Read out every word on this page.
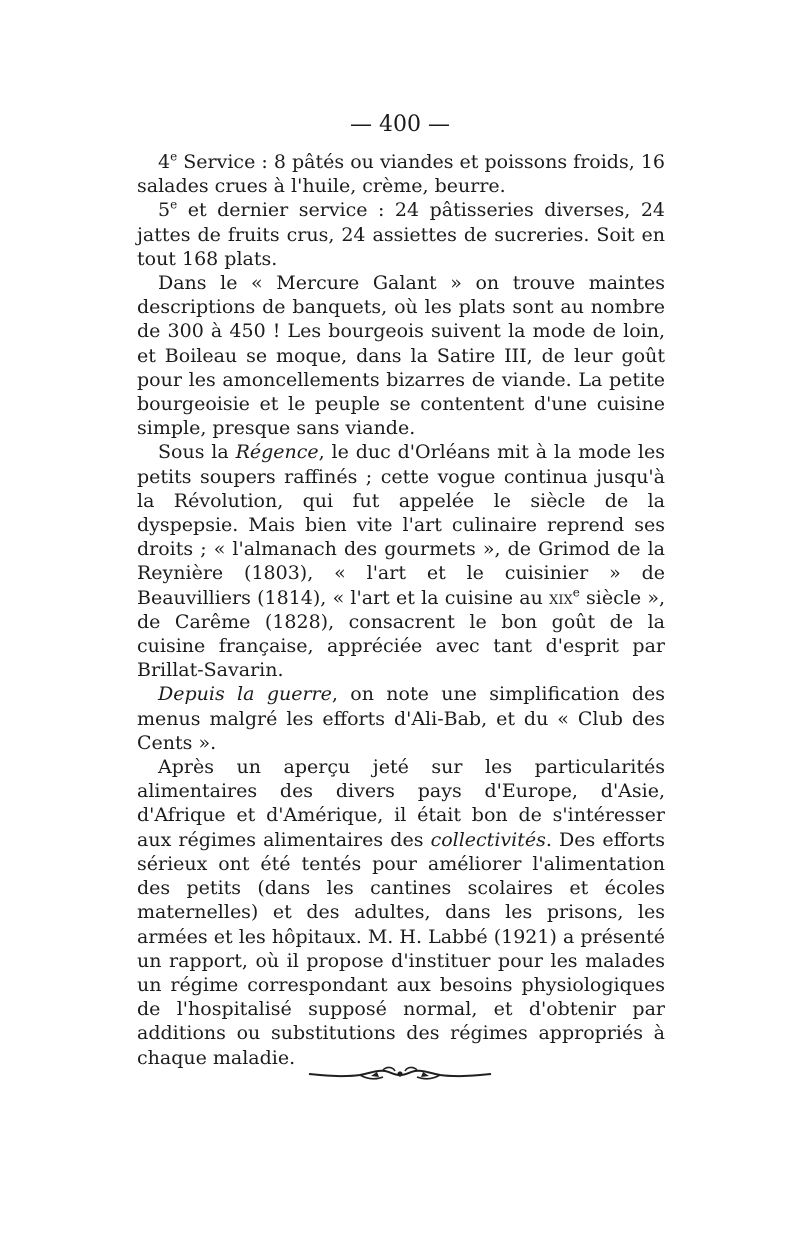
— 400 —

4e Service : 8 pâtés ou viandes et poissons froids, 16 salades crues à l'huile, crème, beurre.

5e et dernier service : 24 pâtisseries diverses, 24 jattes de fruits crus, 24 assiettes de sucreries. Soit en tout 168 plats.

Dans le « Mercure Galant » on trouve maintes descriptions de banquets, où les plats sont au nombre de 300 à 450 ! Les bourgeois suivent la mode de loin, et Boileau se moque, dans la Satire III, de leur goût pour les amoncellements bizarres de viande. La petite bourgeoisie et le peuple se contentent d'une cuisine simple, presque sans viande.

Sous la Régence, le duc d'Orléans mit à la mode les petits soupers raffinés ; cette vogue continua jusqu'à la Révolution, qui fut appelée le siècle de la dyspepsie. Mais bien vite l'art culinaire reprend ses droits ; « l'almanach des gourmets », de Grimod de la Reynière (1803), « l'art et le cuisinier » de Beauvilliers (1814), « l'art et la cuisine au xix$^e$ siècle », de Carême (1828), consacrent le bon goût de la cuisine française, appréciée avec tant d'esprit par Brillat-Savarin.

Depuis la guerre, on note une simplification des menus malgré les efforts d'Ali-Bab, et du « Club des Cents ».

Après un aperçu jeté sur les particularités alimentaires des divers pays d'Europe, d'Asie, d'Afrique et d'Amérique, il était bon de s'intéresser aux régimes alimentaires des collectivités. Des efforts sérieux ont été tentés pour améliorer l'alimentation des petits (dans les cantines scolaires et écoles maternelles) et des adultes, dans les prisons, les armées et les hôpitaux. M. H. Labbé (1921) a présenté un rapport, où il propose d'instituer pour les malades un régime correspondant aux besoins physiologiques de l'hospitalisé supposé normal, et d'obtenir par additions ou substitutions des régimes appropriés à chaque maladie.
